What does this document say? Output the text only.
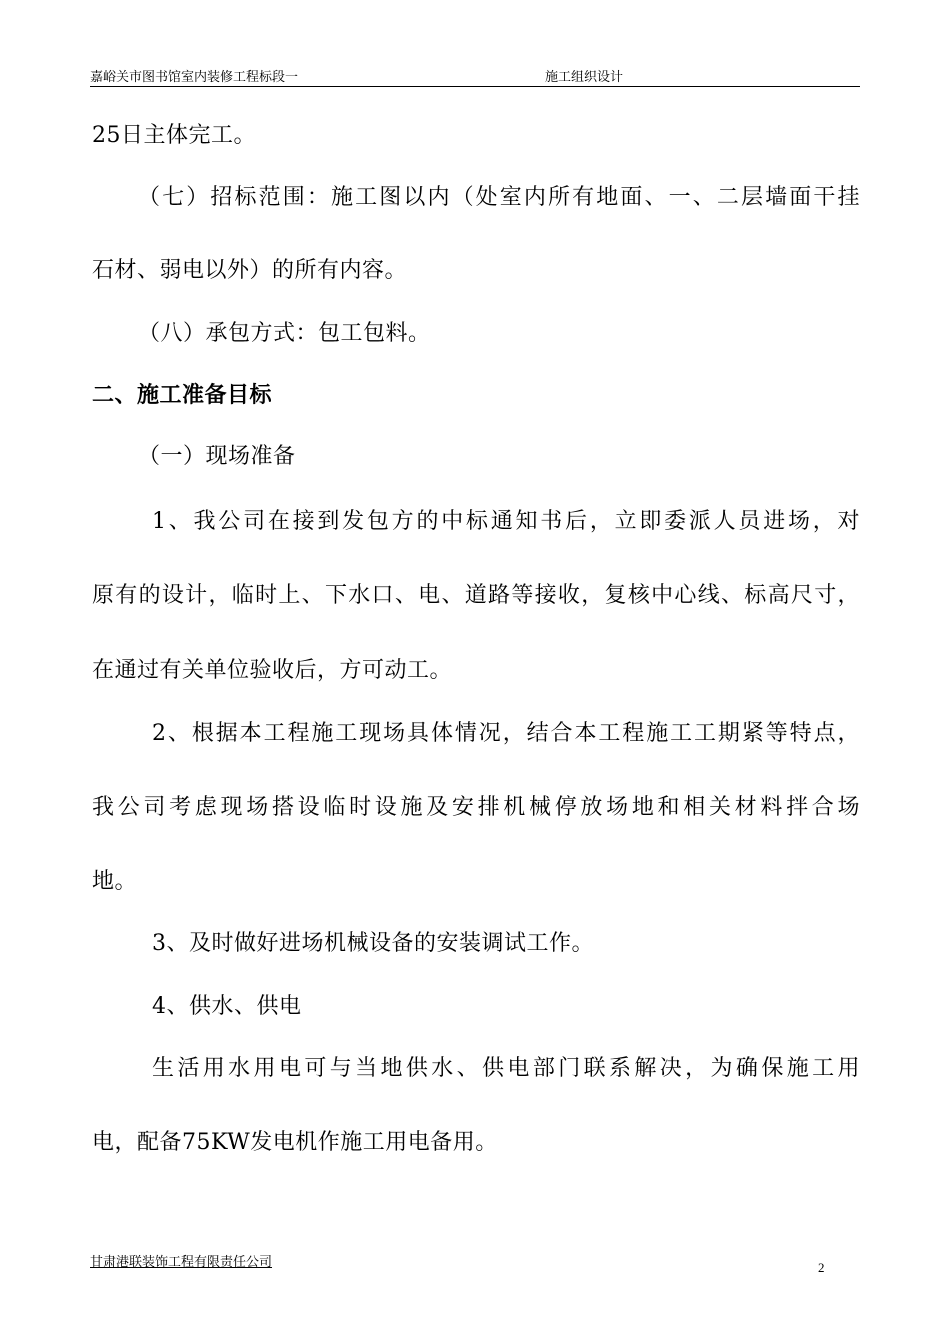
嘉峪关市图书馆室内装修工程标段一	施工组织设计
25日主体完工。
（七）招标范围：施工图以内（处室内所有地面、一、二层墙面干挂
石材、弱电以外）的所有内容。
（八）承包方式：包工包料。
二、施工准备目标
（一）现场准备
1、我公司在接到发包方的中标通知书后，立即委派人员进场，对
原有的设计，临时上、下水口、电、道路等接收，复核中心线、标高尺寸，
在通过有关单位验收后，方可动工。
2、根据本工程施工现场具体情况，结合本工程施工工期紧等特点，
我公司考虑现场搭设临时设施及安排机械停放场地和相关材料拌合场
地。
3、及时做好进场机械设备的安装调试工作。
4、供水、供电
生活用水用电可与当地供水、供电部门联系解决，为确保施工用
电，配备75KW发电机作施工用电备用。
甘肃港联装饰工程有限责任公司	2
